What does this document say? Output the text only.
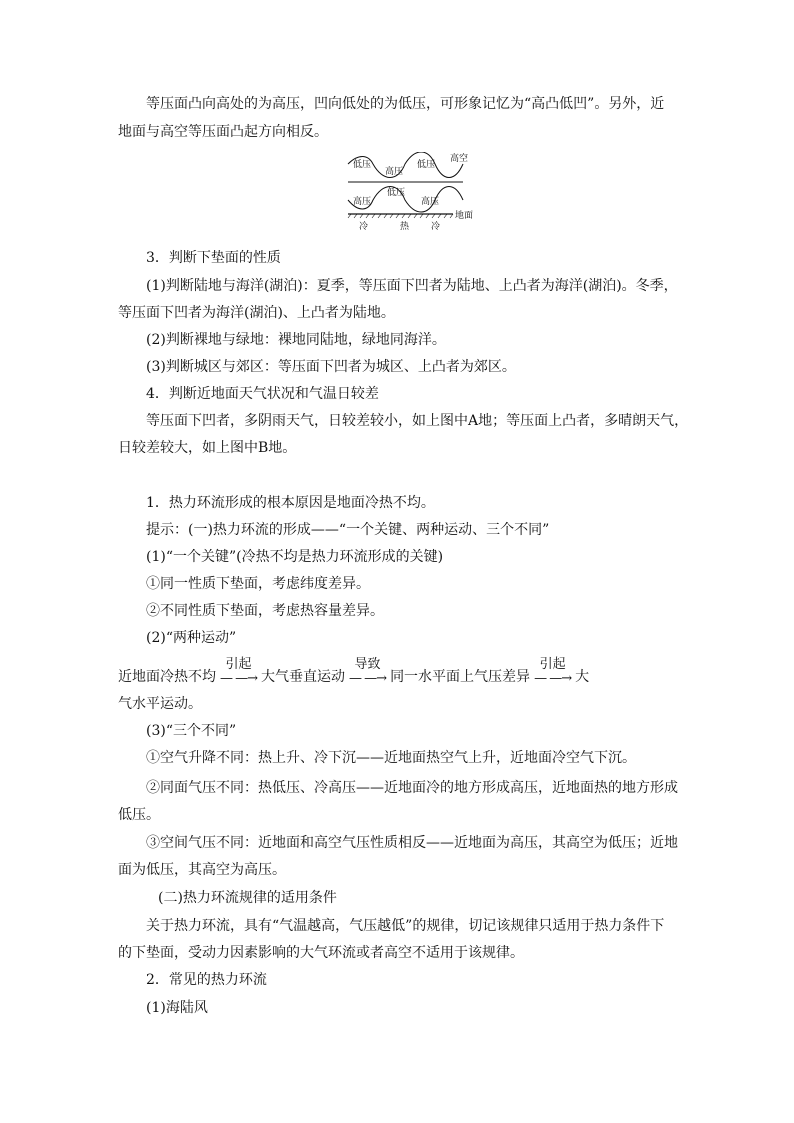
等压面凸向高处的为高压，凹向低处的为低压，可形象记忆为“高凸低凹”。另外，近

地面与高空等压面凸起方向相反。

低压
高压
低压
高空
高压
低压
高压
地面
冷	热 冷

3．判断下垫面的性质

(1)判断陆地与海洋(湖泊)：夏季，等压面下凹者为陆地、上凸者为海洋(湖泊)。冬季，

等压面下凹者为海洋(湖泊)、上凸者为陆地。

(2)判断裸地与绿地：裸地同陆地，绿地同海洋。

(3)判断城区与郊区：等压面下凹者为城区、上凸者为郊区。

4．判断近地面天气状况和气温日较差

等压面下凹者，多阴雨天气，日较差较小，如上图中A地；等压面上凸者，多晴朗天气，

日较差较大，如上图中B地。

1．热力环流形成的根本原因是地面冷热不均。

提示：(一)热力环流的形成——“一个关键、两种运动、三个不同”

(1)“一个关键”(冷热不均是热力环流形成的关键)

①同一性质下垫面，考虑纬度差异。

②不同性质下垫面，考虑热容量差异。

(2)“两种运动”

近地面冷热不均
引起
— —→ 大气垂直运动
导致
— —→ 同一水平面上气压差异
引起
— —→ 大

气水平运动。

(3)“三个不同”

①空气升降不同：热上升、冷下沉——近地面热空气上升，近地面冷空气下沉。

②同面气压不同：热低压、冷高压——近地面冷的地方形成高压，近地面热的地方形成

低压。

③空间气压不同：近地面和高空气压性质相反——近地面为高压，其高空为低压；近地

面为低压，其高空为高压。

(二)热力环流规律的适用条件

关于热力环流，具有“气温越高，气压越低”的规律，切记该规律只适用于热力条件下

的下垫面，受动力因素影响的大气环流或者高空不适用于该规律。

2．常见的热力环流

(1)海陆风
